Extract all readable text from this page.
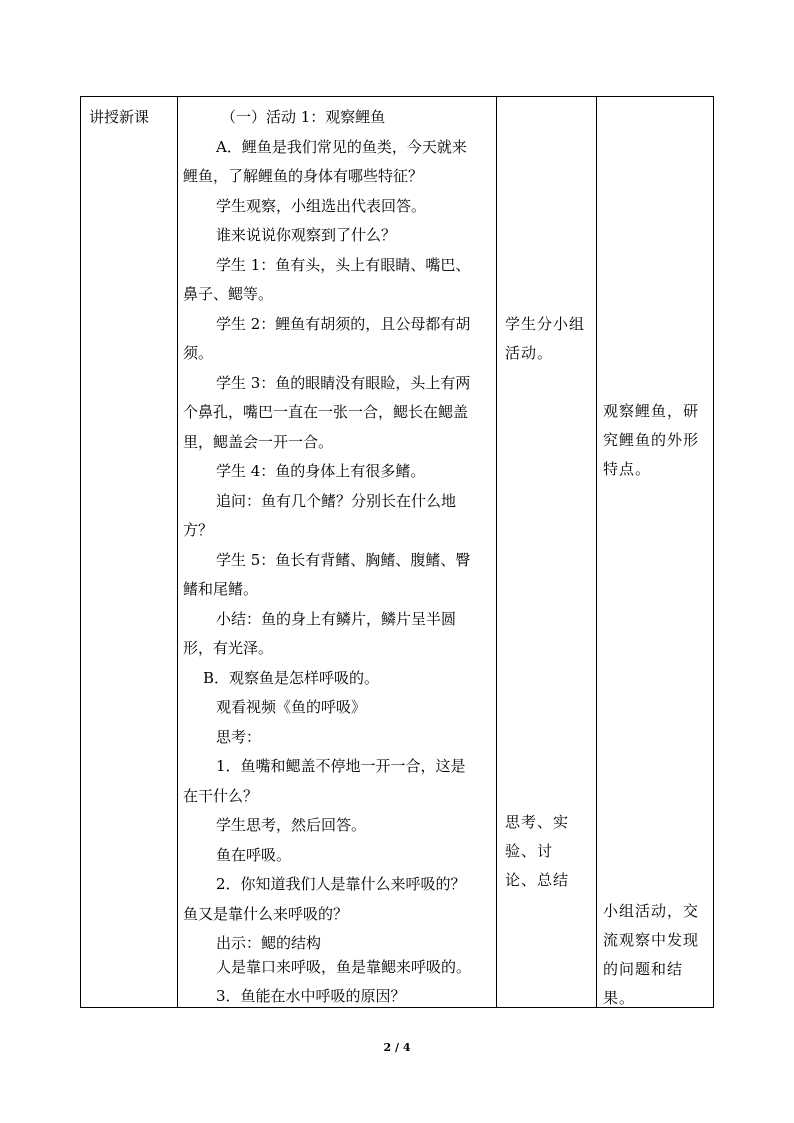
讲授新课	（一）活动 1：观察鲤鱼
A．鲤鱼是我们常见的鱼类，今天就来
鲤鱼，了解鲤鱼的身体有哪些特征？
学生观察，小组选出代表回答。
谁来说说你观察到了什么？
学生 1：鱼有头，头上有眼睛、嘴巴、
鼻子、鳃等。
学生 2：鲤鱼有胡须的，且公母都有胡
须。
学生 3：鱼的眼睛没有眼睑，头上有两
个鼻孔，嘴巴一直在一张一合，鳃长在鳃盖
里，鳃盖会一开一合。
学生 4：鱼的身体上有很多鳍。
追问：鱼有几个鳍？分别长在什么地
方？
学生 5：鱼长有背鳍、胸鳍、腹鳍、臀
鳍和尾鳍。
小结：鱼的身上有鳞片，鳞片呈半圆
形，有光泽。
B．观察鱼是怎样呼吸的。
观看视频《鱼的呼吸》
思考：
1．鱼嘴和鳃盖不停地一开一合，这是
在干什么？
学生思考，然后回答。
鱼在呼吸。
2．你知道我们人是靠什么来呼吸的？
鱼又是靠什么来呼吸的？
出示：鳃的结构
人是靠口来呼吸，鱼是靠鳃来呼吸的。
3．鱼能在水中呼吸的原因？
学生分小组活动。
思考、实验、讨论、总结
观察鲤鱼，研究鲤鱼的外形特点。
小组活动，交流观察中发现的问题和结果。
2 / 4
